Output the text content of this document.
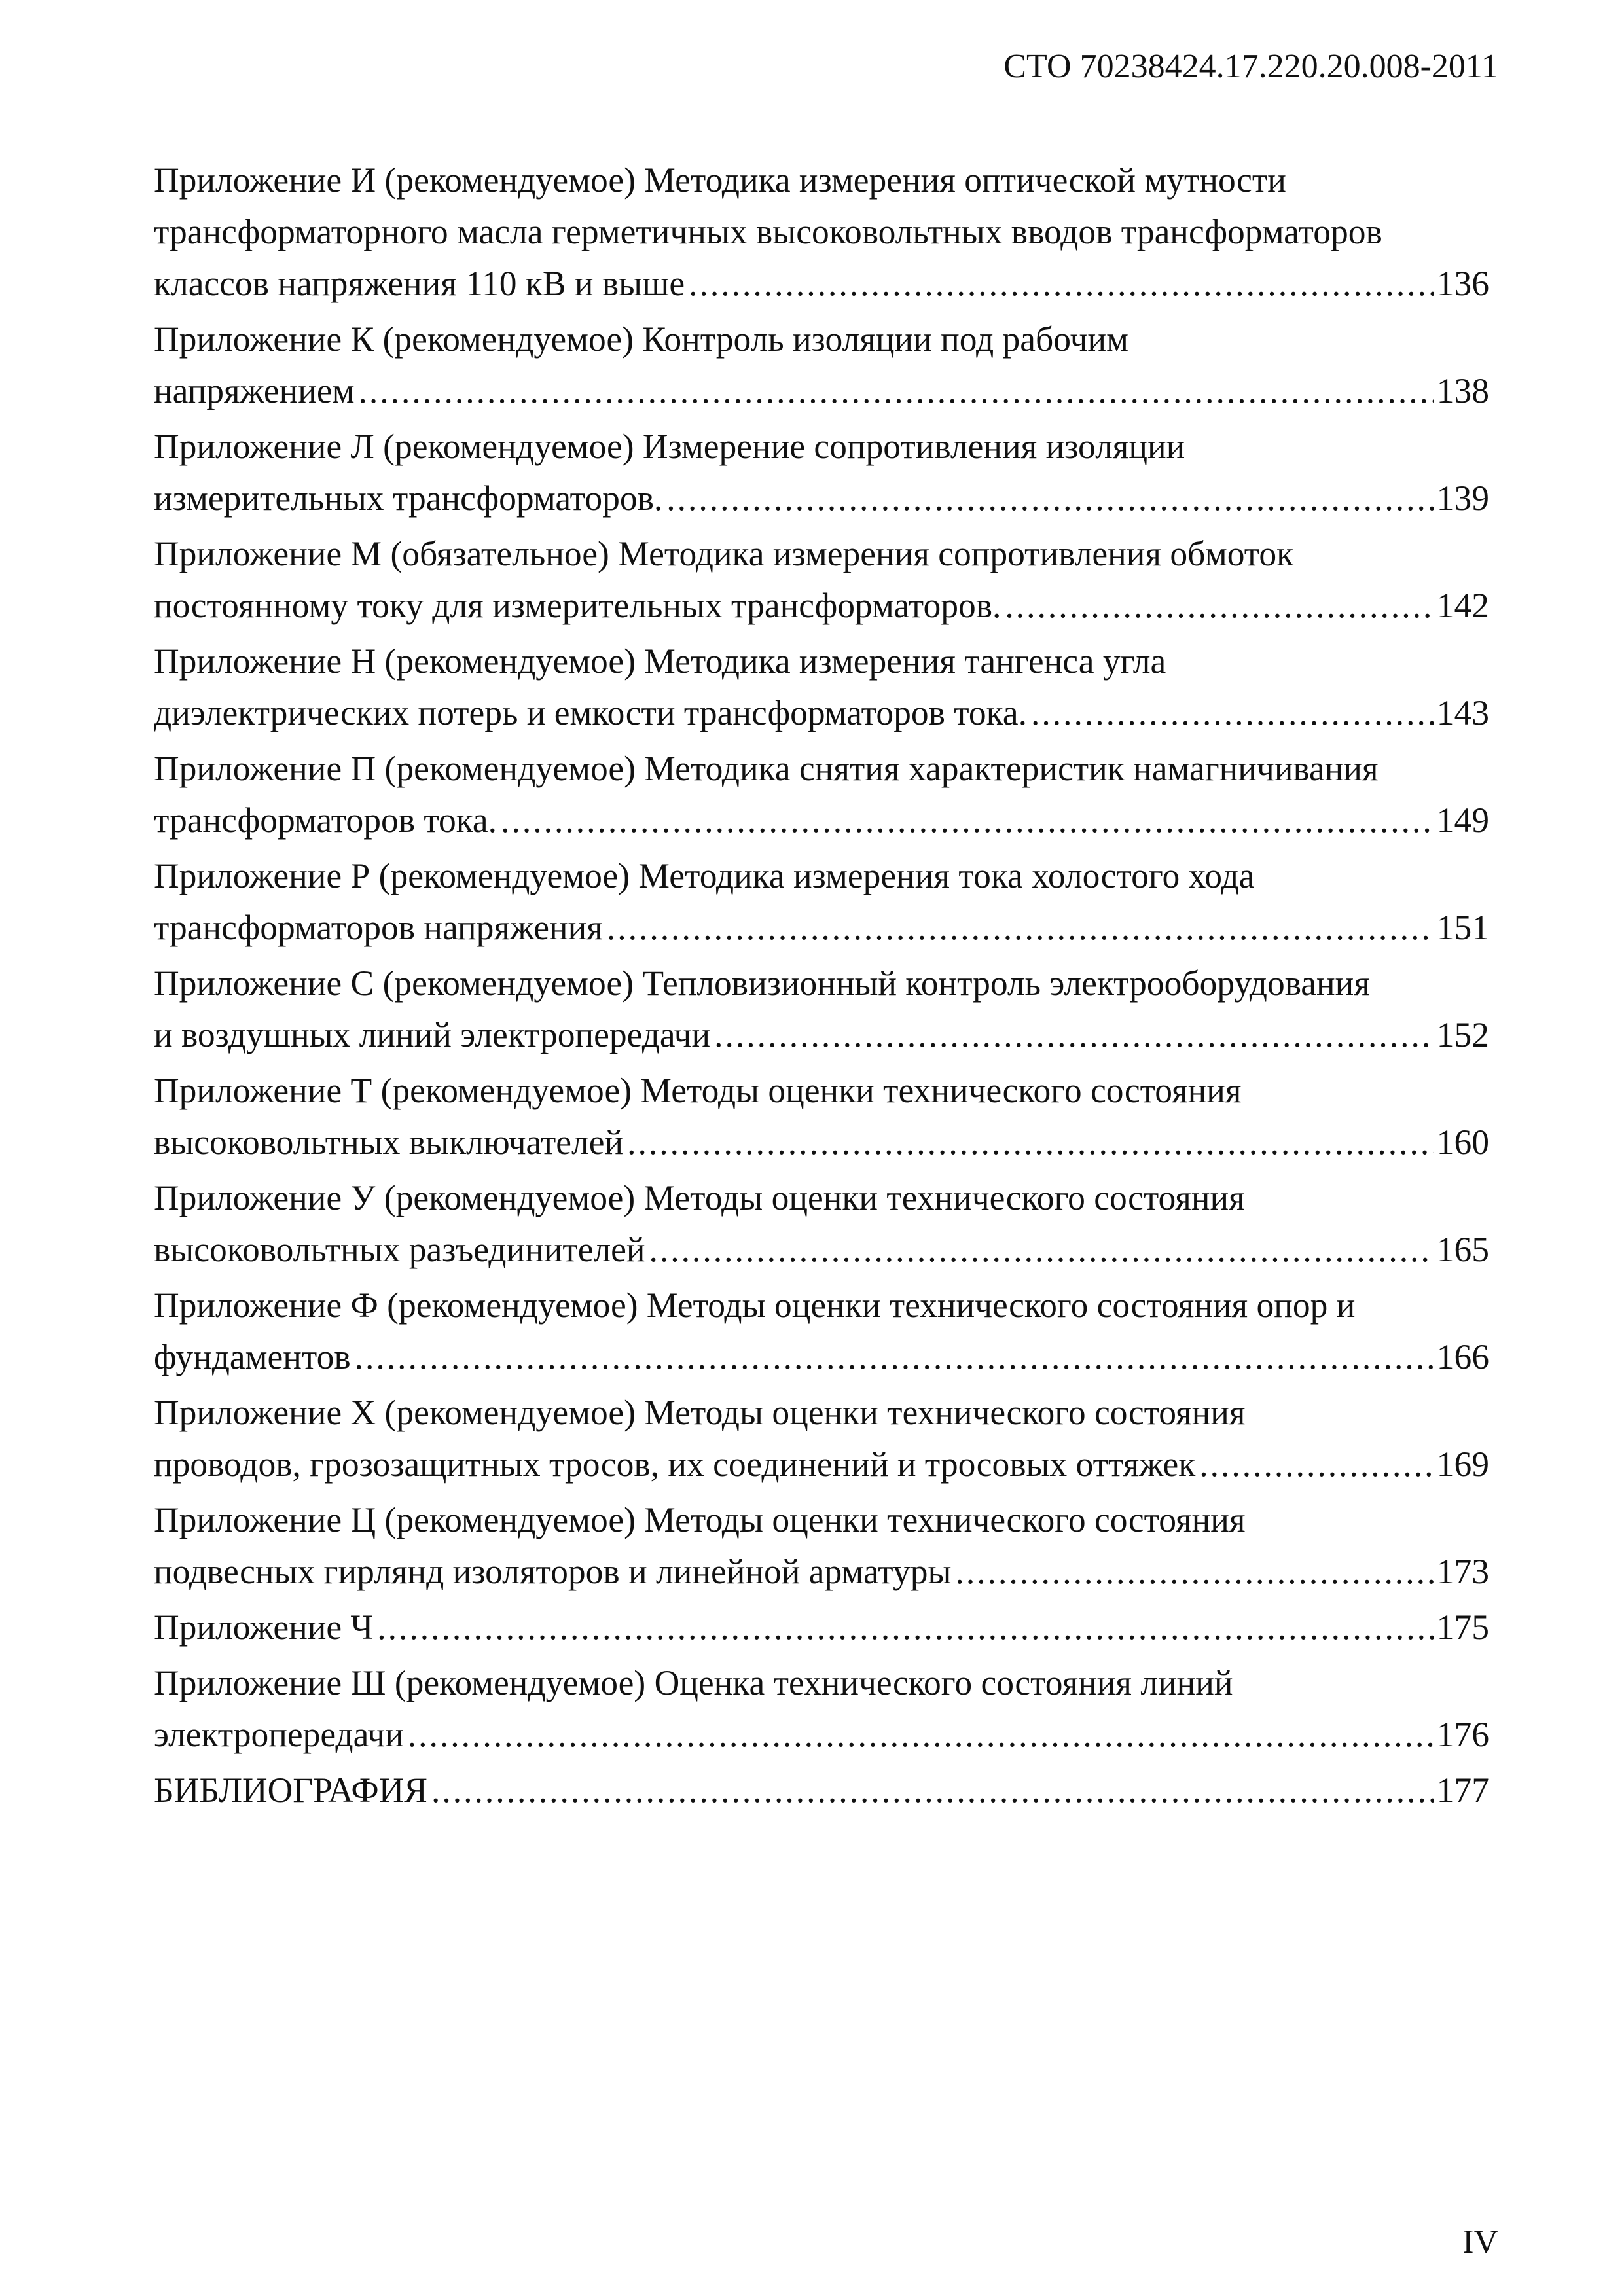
СТО 70238424.17.220.20.008-2011
Приложение И (рекомендуемое) Методика измерения оптической мутности
трансформаторного масла герметичных высоковольтных вводов трансформаторов
классов напряжения 110 кВ и выше .....	136
Приложение К (рекомендуемое) Контроль изоляции под рабочим
напряжением .....	138
Приложение Л (рекомендуемое) Измерение сопротивления изоляции
измерительных трансформаторов. .....	139
Приложение М (обязательное) Методика измерения сопротивления обмоток
постоянному току для измерительных трансформаторов. .....	142
Приложение Н (рекомендуемое) Методика измерения тангенса угла
диэлектрических потерь и емкости трансформаторов тока. .....	143
Приложение П (рекомендуемое) Методика снятия характеристик намагничивания
трансформаторов тока. .....	149
Приложение Р (рекомендуемое) Методика измерения тока холостого хода
трансформаторов напряжения .....	151
Приложение С (рекомендуемое) Тепловизионный контроль электрооборудования
и воздушных линий электропередачи .....	152
Приложение Т (рекомендуемое) Методы оценки технического состояния
высоковольтных выключателей .....	160
Приложение У (рекомендуемое) Методы оценки технического состояния
высоковольтных разъединителей .....	165
Приложение Ф (рекомендуемое) Методы оценки технического состояния опор и
фундаментов .....	166
Приложение Х (рекомендуемое) Методы оценки технического состояния
проводов, грозозащитных тросов, их соединений и тросовых оттяжек .....	169
Приложение Ц (рекомендуемое) Методы оценки технического состояния
подвесных гирлянд изоляторов и линейной арматуры .....	173
Приложение Ч .....	175
Приложение Ш (рекомендуемое) Оценка технического состояния линий
электропередачи .....	176
БИБЛИОГРАФИЯ .....	177
IV
